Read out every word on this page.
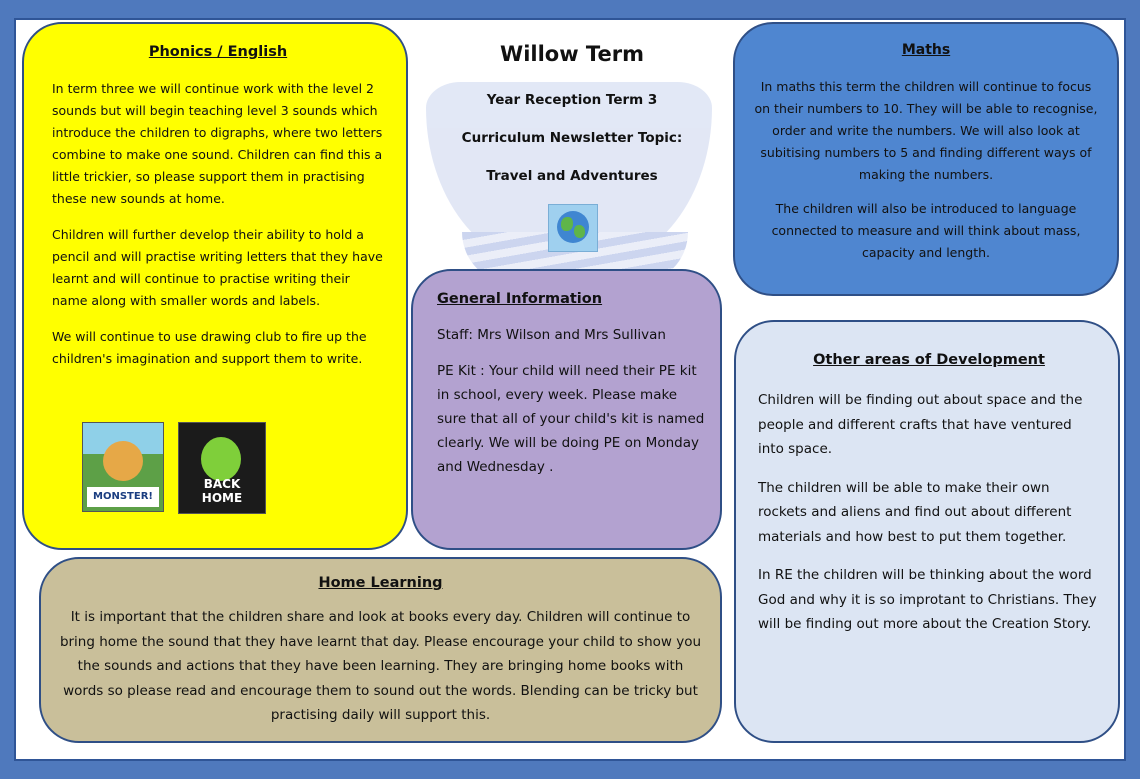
Phonics / English

In term three we will continue work with the level 2 sounds but will begin teaching level 3 sounds which introduce the children to digraphs, where two letters combine to make one sound. Children can find this a little trickier, so please support them in practising these new sounds at home.

Children will further develop their ability to hold a pencil and will practise writing letters that they have learnt and will continue to practise writing their name along with smaller words and labels.

We will continue to use drawing club to fire up the children's imagination and support them to write.

MONSTER!
BACK HOME
Willow Term
Year Reception Term 3
Curriculum Newsletter Topic:
Travel and Adventures
Maths

In maths this term the children will continue to focus on their numbers to 10. They will be able to recognise, order and write the numbers. We will also look at subitising numbers to 5 and finding different ways of making the numbers.

The children will also be introduced to language connected to measure and will think about mass, capacity and length.

General Information

Staff: Mrs Wilson and Mrs Sullivan

PE Kit : Your child will need their PE kit in school, every week. Please make sure that all of your child's kit is named clearly. We will be doing PE on Monday and Wednesday .

Other areas of Development

Children will be finding out about space and the people and different crafts that have ventured into space.

The children will be able to make their own rockets and aliens and find out about different materials and how best to put them together.

In RE the children will be thinking about the word God and why it is so improtant to Christians. They will be finding out more about the Creation Story.

Home Learning

It is important that the children share and look at books every day. Children will continue to bring home the sound that they have learnt that day. Please encourage your child to show you the sounds and actions that they have been learning. They are bringing home books with words so please read and encourage them to sound out the words. Blending can be tricky but practising daily will support this.
